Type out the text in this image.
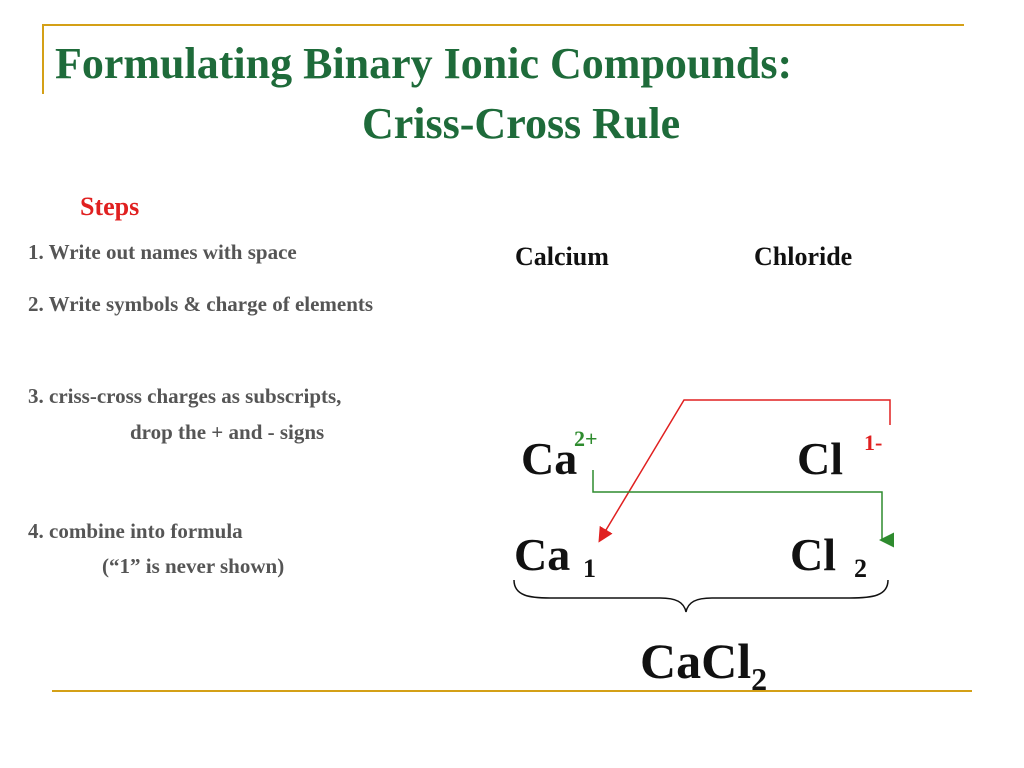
Formulating Binary Ionic Compounds:
Criss-Cross Rule
Steps
1. Write out names with space
2. Write symbols & charge of elements
3. criss-cross charges as subscripts,
drop the + and - signs
4. combine into formula
(“1” is never shown)
Calcium	Chloride
Ca
2+	Cl 1-
Ca 1	Cl 2
CaCl$_2$
